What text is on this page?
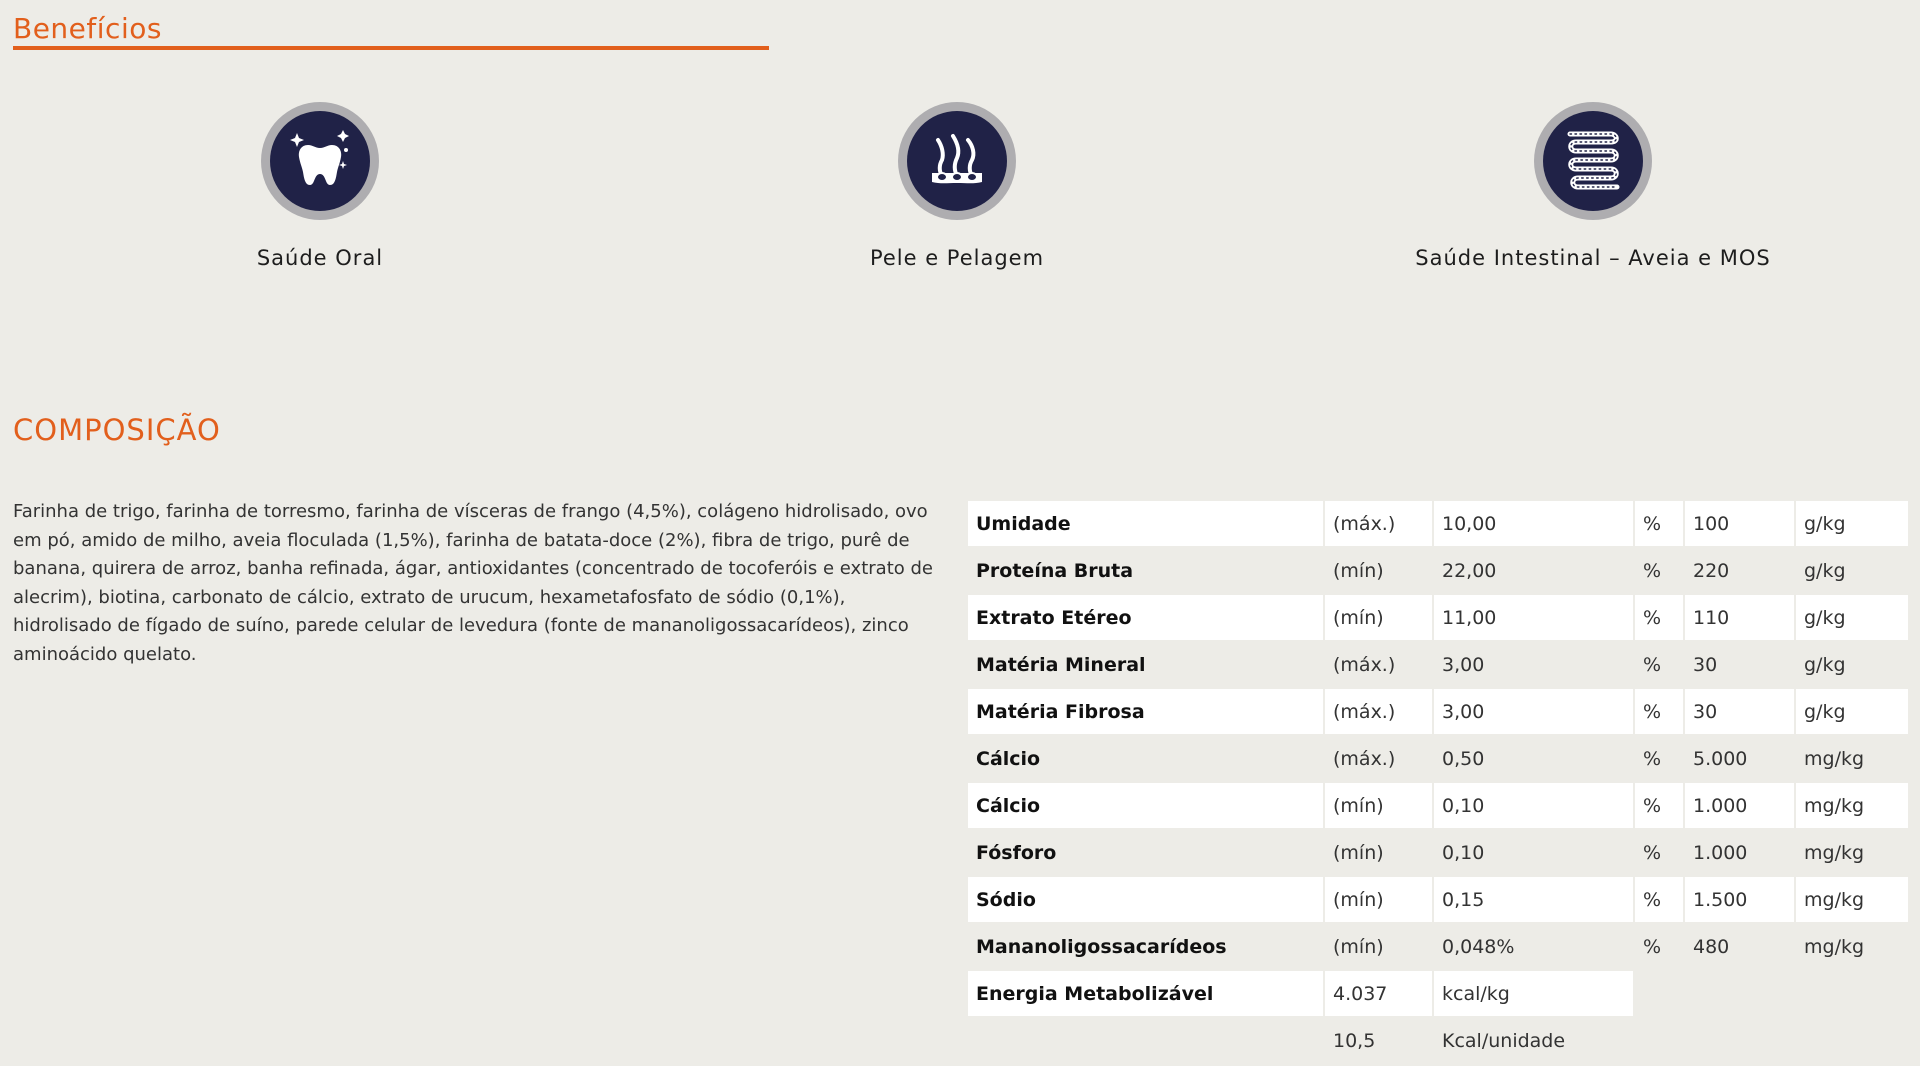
Benefícios
Saúde Oral	Pele e Pelagem	Saúde Intestinal – Aveia e MOS
COMPOSIÇÃO

Farinha de trigo, farinha de torresmo, farinha de vísceras de frango (4,5%), colágeno hidrolisado, ovo em pó, amido de milho, aveia floculada (1,5%), farinha de batata-doce (2%), fibra de trigo, purê de banana, quirera de arroz, banha refinada, ágar, antioxidantes (concentrado de tocoferóis e extrato de alecrim), biotina, carbonato de cálcio, extrato de urucum, hexametafosfato de sódio (0,1%), hidrolisado de fígado de suíno, parede celular de levedura (fonte de mananoligossacarídeos), zinco aminoácido quelato.

Umidade	(máx.)	10,00	%	100	g/kg
Proteína Bruta	(mín)	22,00	%	220	g/kg
Extrato Etéreo	(mín)	11,00	%	110	g/kg
Matéria Mineral	(máx.)	3,00	%	30	g/kg
Matéria Fibrosa	(máx.)	3,00	%	30	g/kg
Cálcio	(máx.)	0,50	%	5.000	mg/kg
Cálcio	(mín)	0,10	%	1.000	mg/kg
Fósforo	(mín)	0,10	%	1.000	mg/kg
Sódio	(mín)	0,15	%	1.500	mg/kg
Mananoligossacarídeos	(mín)	0,048%	%	480	mg/kg
Energia Metabolizável	4.037	kcal/kg			
	10,5	Kcal/unidade			
